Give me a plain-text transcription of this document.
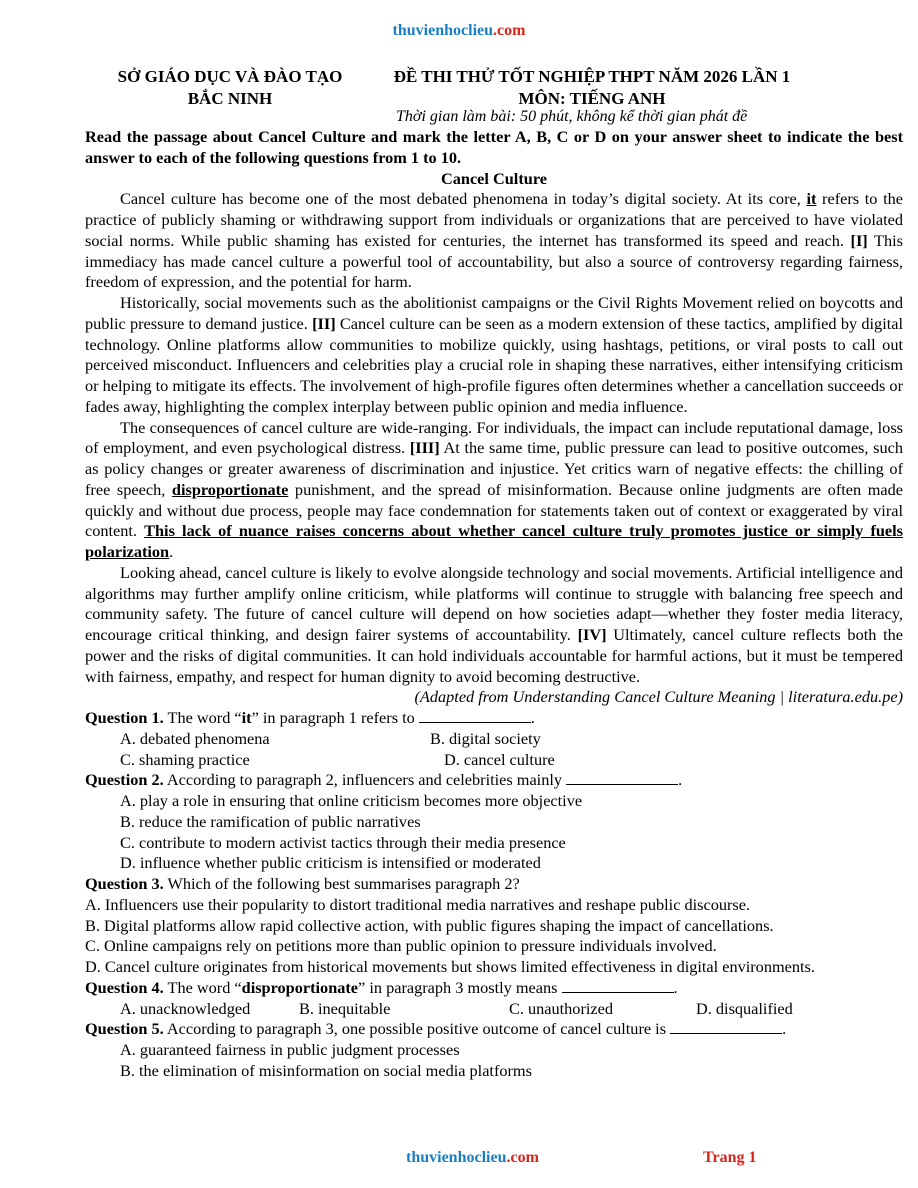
thuvienhoclieu.com
SỞ GIÁO DỤC VÀ ĐÀO TẠO
BẮC NINH
ĐỀ THI THỬ TỐT NGHIỆP THPT NĂM 2026 LẦN 1
MÔN: TIẾNG ANH
Thời gian làm bài: 50 phút, không kể thời gian phát đề

Read the passage about Cancel Culture and mark the letter A, B, C or D on your answer sheet to indicate the best answer to each of the following questions from 1 to 10.

Cancel Culture

Cancel culture has become one of the most debated phenomena in today’s digital society. At its core, it refers to the practice of publicly shaming or withdrawing support from individuals or organizations that are perceived to have violated social norms. While public shaming has existed for centuries, the internet has transformed its speed and reach. [I] This immediacy has made cancel culture a powerful tool of accountability, but also a source of controversy regarding fairness, freedom of expression, and the potential for harm.

Historically, social movements such as the abolitionist campaigns or the Civil Rights Movement relied on boycotts and public pressure to demand justice. [II] Cancel culture can be seen as a modern extension of these tactics, amplified by digital technology. Online platforms allow communities to mobilize quickly, using hashtags, petitions, or viral posts to call out perceived misconduct. Influencers and celebrities play a crucial role in shaping these narratives, either intensifying criticism or helping to mitigate its effects. The involvement of high-profile figures often determines whether a cancellation succeeds or fades away, highlighting the complex interplay between public opinion and media influence.

The consequences of cancel culture are wide-ranging. For individuals, the impact can include reputational damage, loss of employment, and even psychological distress. [III] At the same time, public pressure can lead to positive outcomes, such as policy changes or greater awareness of discrimination and injustice. Yet critics warn of negative effects: the chilling of free speech, disproportionate punishment, and the spread of misinformation. Because online judgments are often made quickly and without due process, people may face condemnation for statements taken out of context or exaggerated by viral content. This lack of nuance raises concerns about whether cancel culture truly promotes justice or simply fuels polarization.

Looking ahead, cancel culture is likely to evolve alongside technology and social movements. Artificial intelligence and algorithms may further amplify online criticism, while platforms will continue to struggle with balancing free speech and community safety. The future of cancel culture will depend on how societies adapt—whether they foster media literacy, encourage critical thinking, and design fairer systems of accountability. [IV] Ultimately, cancel culture reflects both the power and the risks of digital communities. It can hold individuals accountable for harmful actions, but it must be tempered with fairness, empathy, and respect for human dignity to avoid becoming destructive.

(Adapted from Understanding Cancel Culture Meaning | literatura.edu.pe)

Question 1. The word “it” in paragraph 1 refers to	.

A. debated phenomena	B. digital society
C. shaming practice	D. cancel culture

Question 2. According to paragraph 2, influencers and celebrities mainly	.

A. play a role in ensuring that online criticism becomes more objective

B. reduce the ramification of public narratives

C. contribute to modern activist tactics through their media presence

D. influence whether public criticism is intensified or moderated

Question 3. Which of the following best summarises paragraph 2?

A. Influencers use their popularity to distort traditional media narratives and reshape public discourse.

B. Digital platforms allow rapid collective action, with public figures shaping the impact of cancellations.

C. Online campaigns rely on petitions more than public opinion to pressure individuals involved.

D. Cancel culture originates from historical movements but shows limited effectiveness in digital environments.

Question 4. The word “disproportionate” in paragraph 3 mostly means	.

A. unacknowledged	B. inequitable	C. unauthorized	D. disqualified

Question 5. According to paragraph 3, one possible positive outcome of cancel culture is	.

A. guaranteed fairness in public judgment processes

B. the elimination of misinformation on social media platforms

thuvienhoclieu.com	Trang 1
